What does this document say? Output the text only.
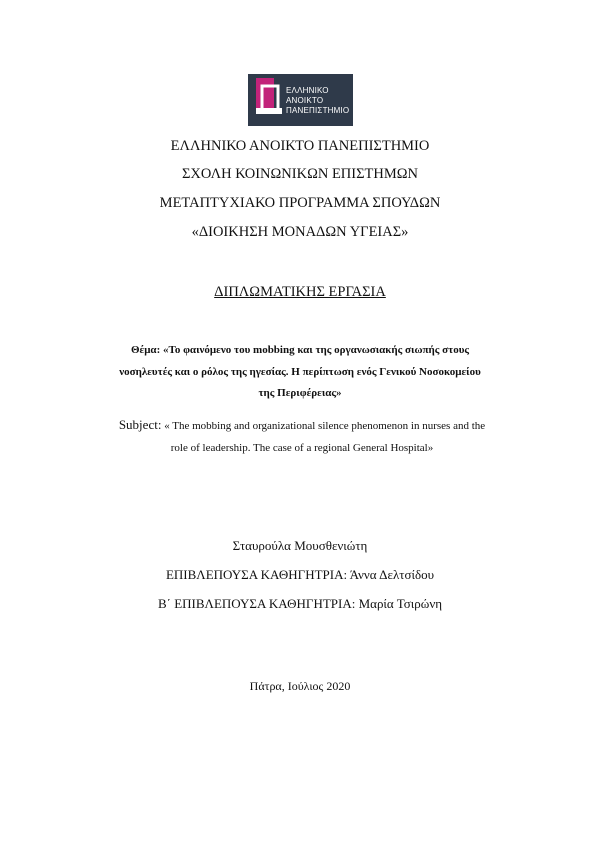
ΕΛΛΗΝΙΚΟ
ΑΝΟΙΚΤΟ
ΠΑΝΕΠΙΣΤΗΜΙΟ
ΕΛΛΗΝΙΚΟ ΑΝΟΙΚΤΟ ΠΑΝΕΠΙΣΤΗΜΙΟ
ΣΧΟΛΗ ΚΟΙΝΩΝΙΚΩΝ ΕΠΙΣΤΗΜΩΝ
ΜΕΤΑΠΤΥΧΙΑΚΟ ΠΡΟΓΡΑΜΜΑ ΣΠΟΥΔΩΝ
«ΔΙΟΙΚΗΣΗ ΜΟΝΑΔΩΝ ΥΓΕΙΑΣ»
ΔΙΠΛΩΜΑΤΙΚΗΣ ΕΡΓΑΣΙΑ
Θέμα: «Το φαινόμενο του mobbing και της οργανωσιακής σιωπής στους
νοσηλευτές και ο ρόλος της ηγεσίας. Η περίπτωση ενός Γενικού Νοσοκομείου
της Περιφέρειας»
Subject: « The mobbing and organizational silence phenomenon in nurses and the
role of leadership. The case of a regional General Hospital»
Σταυρούλα Μουσθενιώτη
ΕΠΙΒΛΕΠΟΥΣΑ ΚΑΘΗΓΗΤΡΙΑ: Άννα Δελτσίδου
Β΄ ΕΠΙΒΛΕΠΟΥΣΑ ΚΑΘΗΓΗΤΡΙΑ: Μαρία Τσιρώνη
Πάτρα, Ιούλιος 2020
